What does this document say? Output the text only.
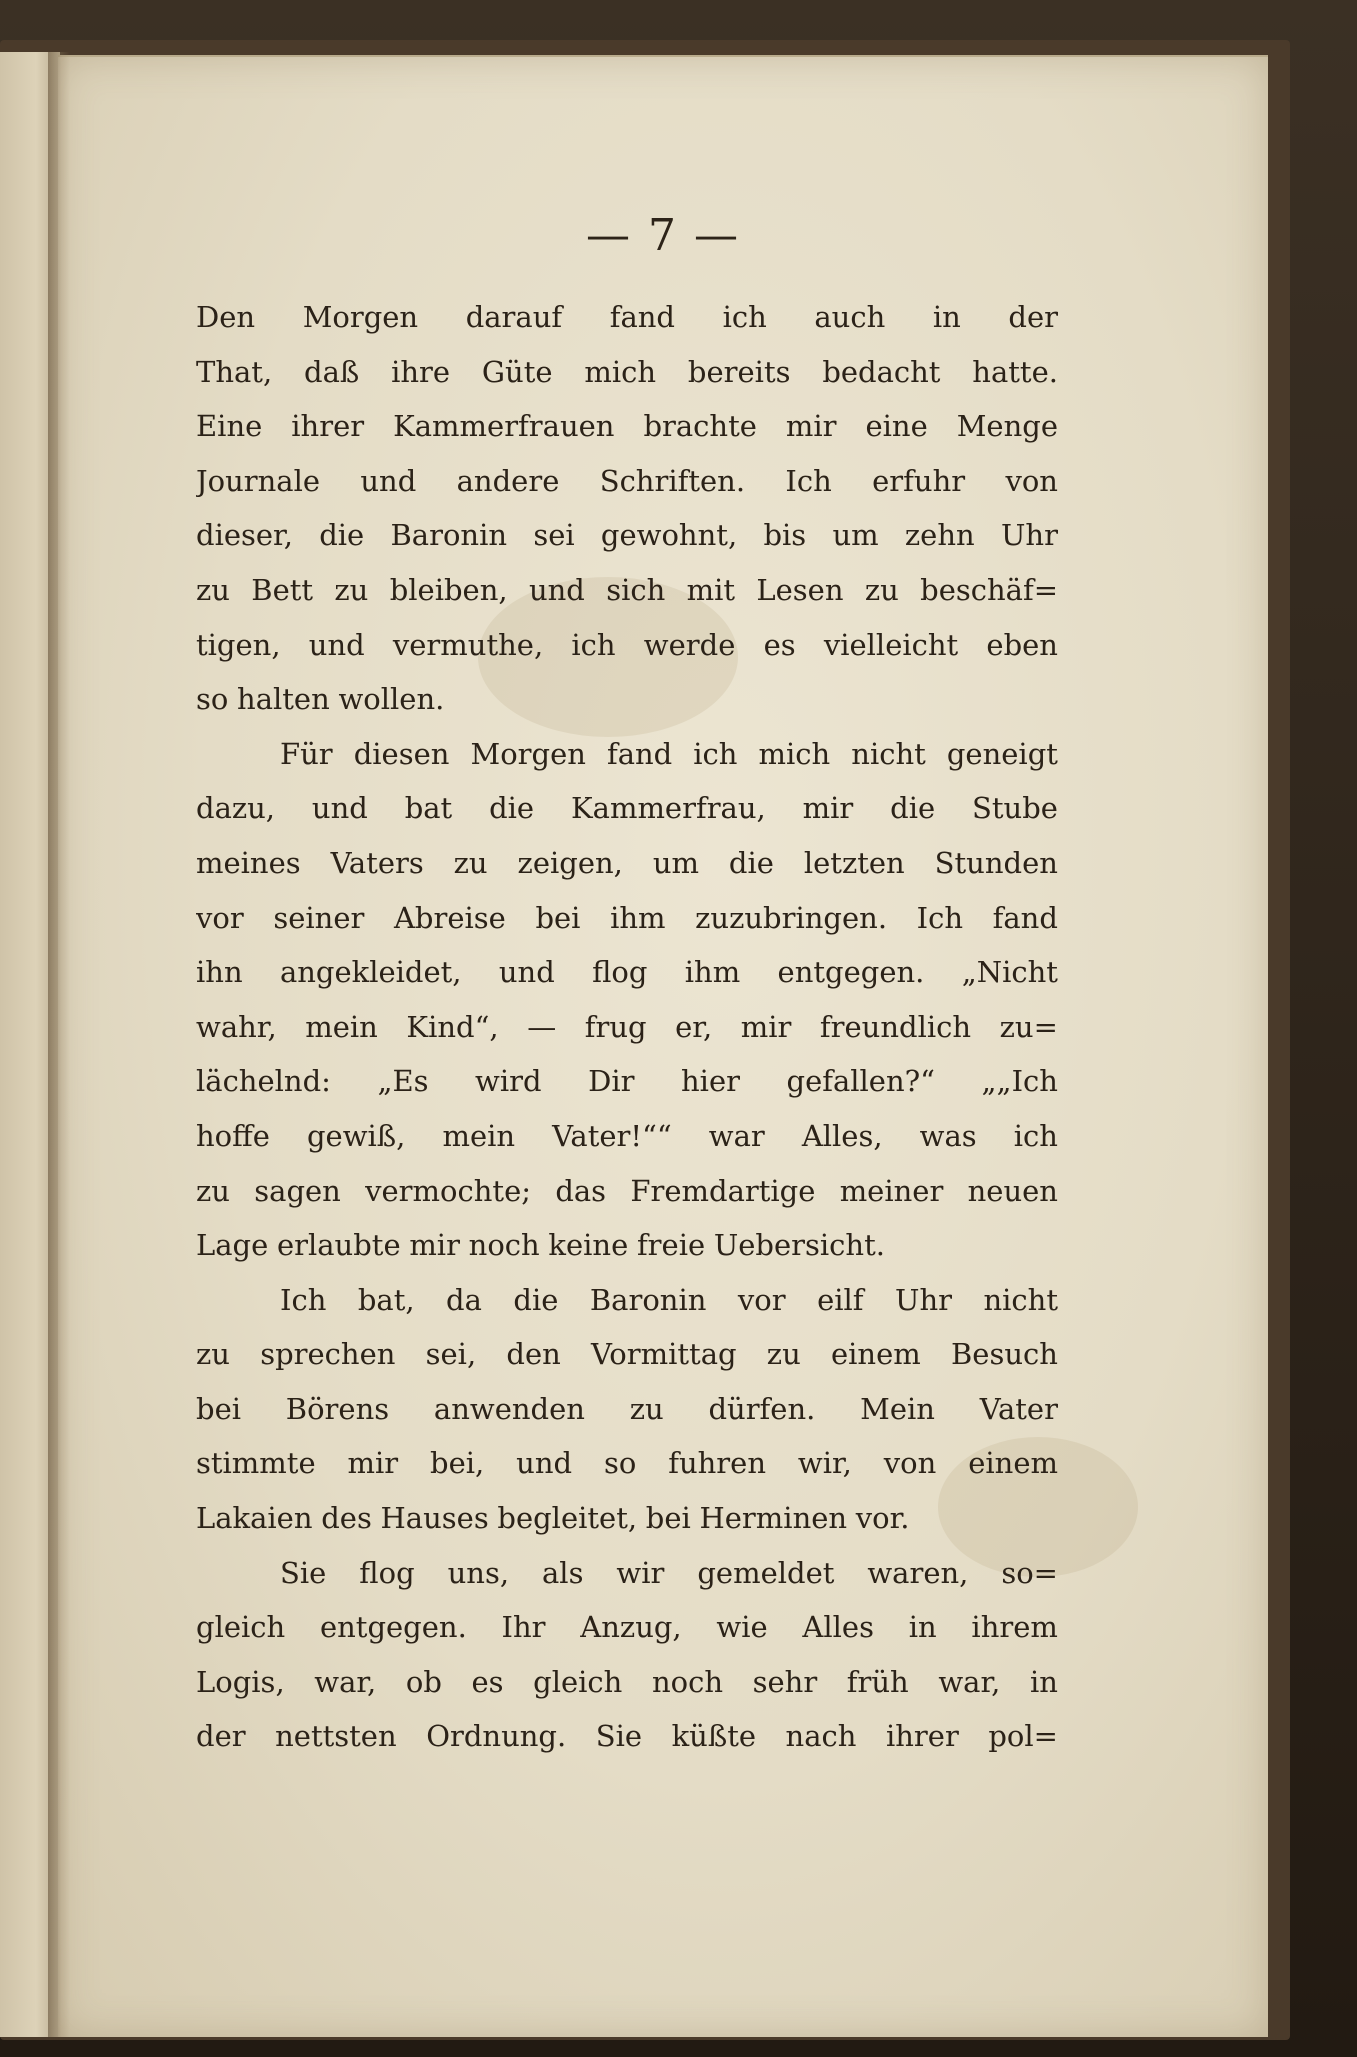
— 7 —
Den Morgen darauf fand ich auch in der
That, daß ihre Güte mich bereits bedacht hatte.
Eine ihrer Kammerfrauen brachte mir eine Menge
Journale und andere Schriften. Ich erfuhr von
dieser, die Baronin sei gewohnt, bis um zehn Uhr
zu Bett zu bleiben, und sich mit Lesen zu beschäf=
tigen, und vermuthe, ich werde es vielleicht eben
so halten wollen.
Für diesen Morgen fand ich mich nicht geneigt
dazu, und bat die Kammerfrau, mir die Stube
meines Vaters zu zeigen, um die letzten Stunden
vor seiner Abreise bei ihm zuzubringen. Ich fand
ihn angekleidet, und flog ihm entgegen. „Nicht
wahr, mein Kind“, — frug er, mir freundlich zu=
lächelnd: „Es wird Dir hier gefallen?“ „„Ich
hoffe gewiß, mein Vater!““ war Alles, was ich
zu sagen vermochte; das Fremdartige meiner neuen
Lage erlaubte mir noch keine freie Uebersicht.
Ich bat, da die Baronin vor eilf Uhr nicht
zu sprechen sei, den Vormittag zu einem Besuch
bei Börens anwenden zu dürfen. Mein Vater
stimmte mir bei, und so fuhren wir, von einem
Lakaien des Hauses begleitet, bei Herminen vor.
Sie flog uns, als wir gemeldet waren, so=
gleich entgegen. Ihr Anzug, wie Alles in ihrem
Logis, war, ob es gleich noch sehr früh war, in
der nettsten Ordnung. Sie küßte nach ihrer pol=
